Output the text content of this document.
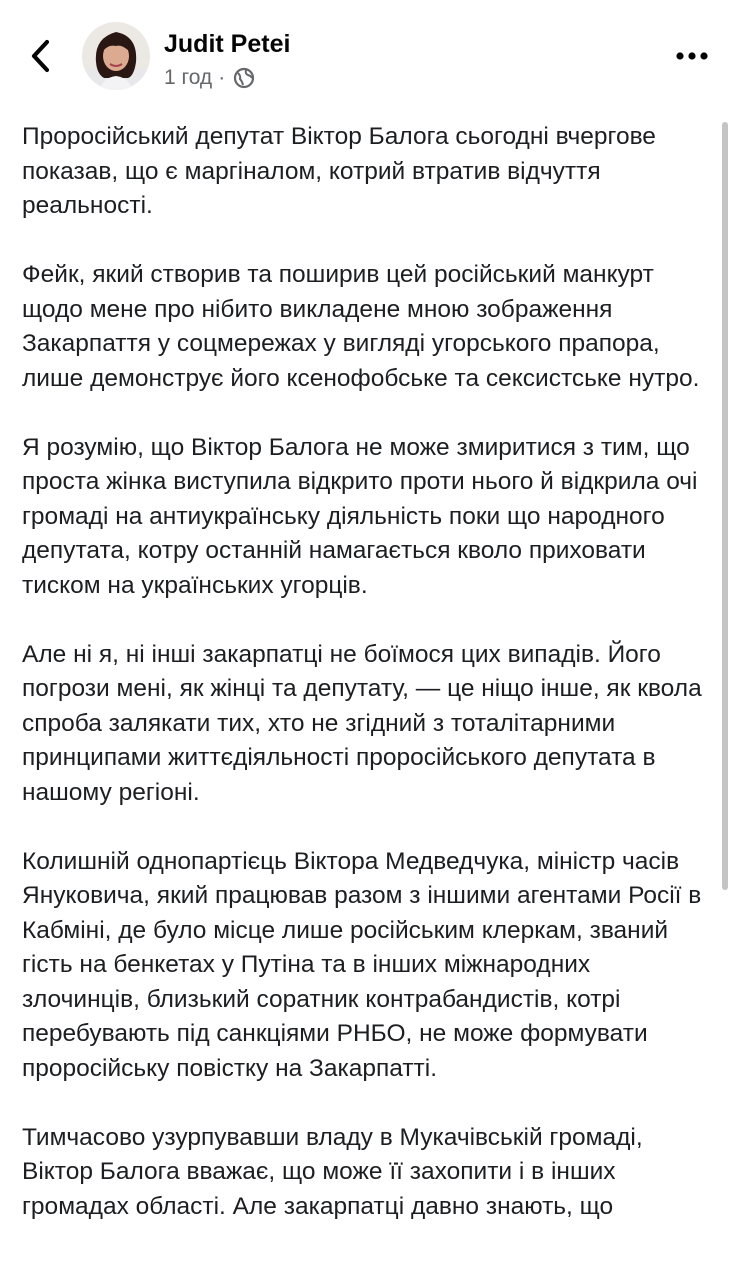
Judit Petei
1 год ·

Проросійський депутат Віктор Балога сьогодні вчергове показав, що є маргіналом, котрий втратив відчуття реальності.

Фейк, який створив та поширив цей російський манкурт щодо мене про нібито викладене мною зображення Закарпаття у соцмережах у вигляді угорського прапора, лише демонструє його ксенофобське та сексистське нутро.

Я розумію, що Віктор Балога не може змиритися з тим, що проста жінка виступила відкрито проти нього й відкрила очі громаді на антиукраїнську діяльність поки що народного депутата, котру останній намагається кволо приховати тиском на українських угорців.

Але ні я, ні інші закарпатці не боїмося цих випадів. Його погрози мені, як жінці та депутату, — це ніщо інше, як квола спроба залякати тих, хто не згідний з тоталітарними принципами життєдіяльності проросійського депутата в нашому регіоні.

Колишній однопартієць Віктора Медведчука, міністр часів Януковича, який працював разом з іншими агентами Росії в Кабміні, де було місце лише російським клеркам, званий гість на бенкетах у Путіна та в інших міжнародних злочинців, близький соратник контрабандистів, котрі перебувають під санкціями РНБО, не може формувати проросійську повістку на Закарпатті.

Тимчасово узурпувавши владу в Мукачівській громаді, Віктор Балога вважає, що може її захопити і в інших громадах області. Але закарпатці давно знають, що
